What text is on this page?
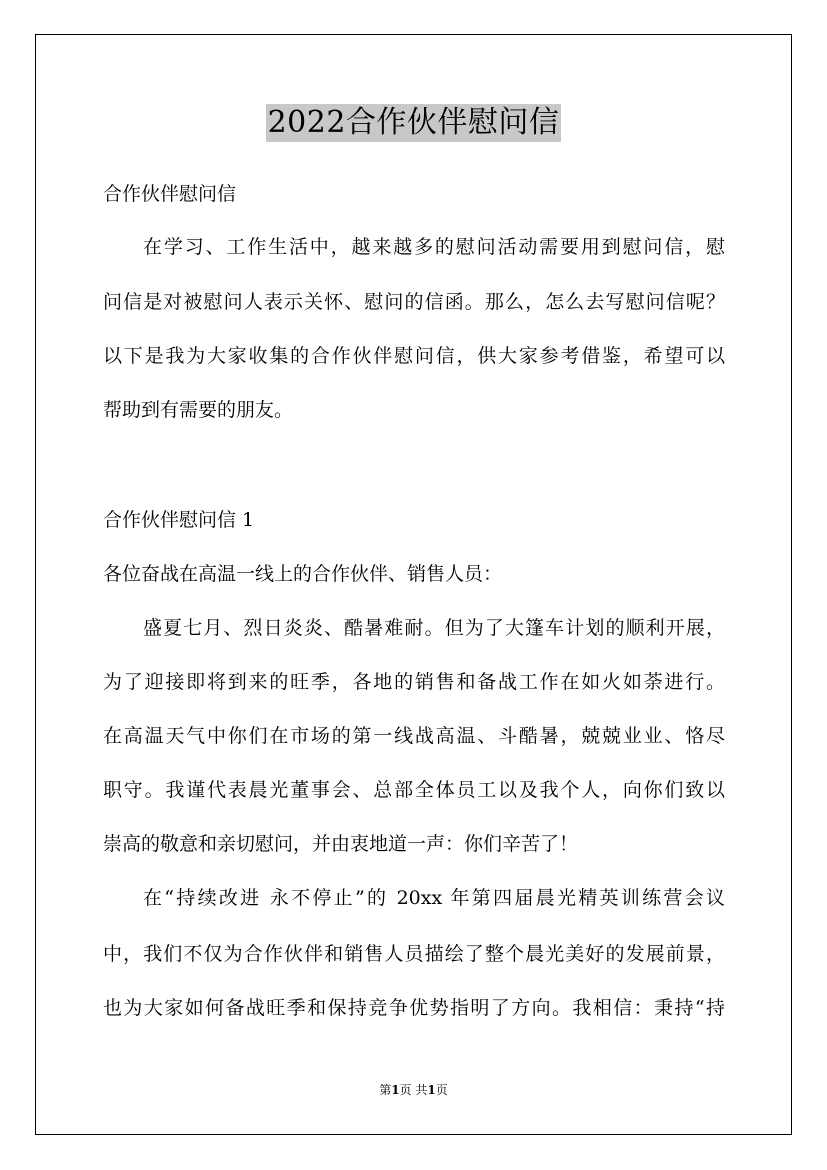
2022合作伙伴慰问信
合作伙伴慰问信
在学习、工作生活中，越来越多的慰问活动需要用到慰问信，慰
问信是对被慰问人表示关怀、慰问的信函。那么，怎么去写慰问信呢？
以下是我为大家收集的合作伙伴慰问信，供大家参考借鉴，希望可以
帮助到有需要的朋友。
合作伙伴慰问信 1
各位奋战在高温一线上的合作伙伴、销售人员：
盛夏七月、烈日炎炎、酷暑难耐。但为了大篷车计划的顺利开展，
为了迎接即将到来的旺季，各地的销售和备战工作在如火如荼进行。
在高温天气中你们在市场的第一线战高温、斗酷暑，兢兢业业、恪尽
职守。我谨代表晨光董事会、总部全体员工以及我个人，向你们致以
崇高的敬意和亲切慰问，并由衷地道一声：你们辛苦了！
在“持续改进 永不停止”的 20xx 年第四届晨光精英训练营会议
中，我们不仅为合作伙伴和销售人员描绘了整个晨光美好的发展前景，
也为大家如何备战旺季和保持竞争优势指明了方向。我相信：秉持“持
第1页 共1页
